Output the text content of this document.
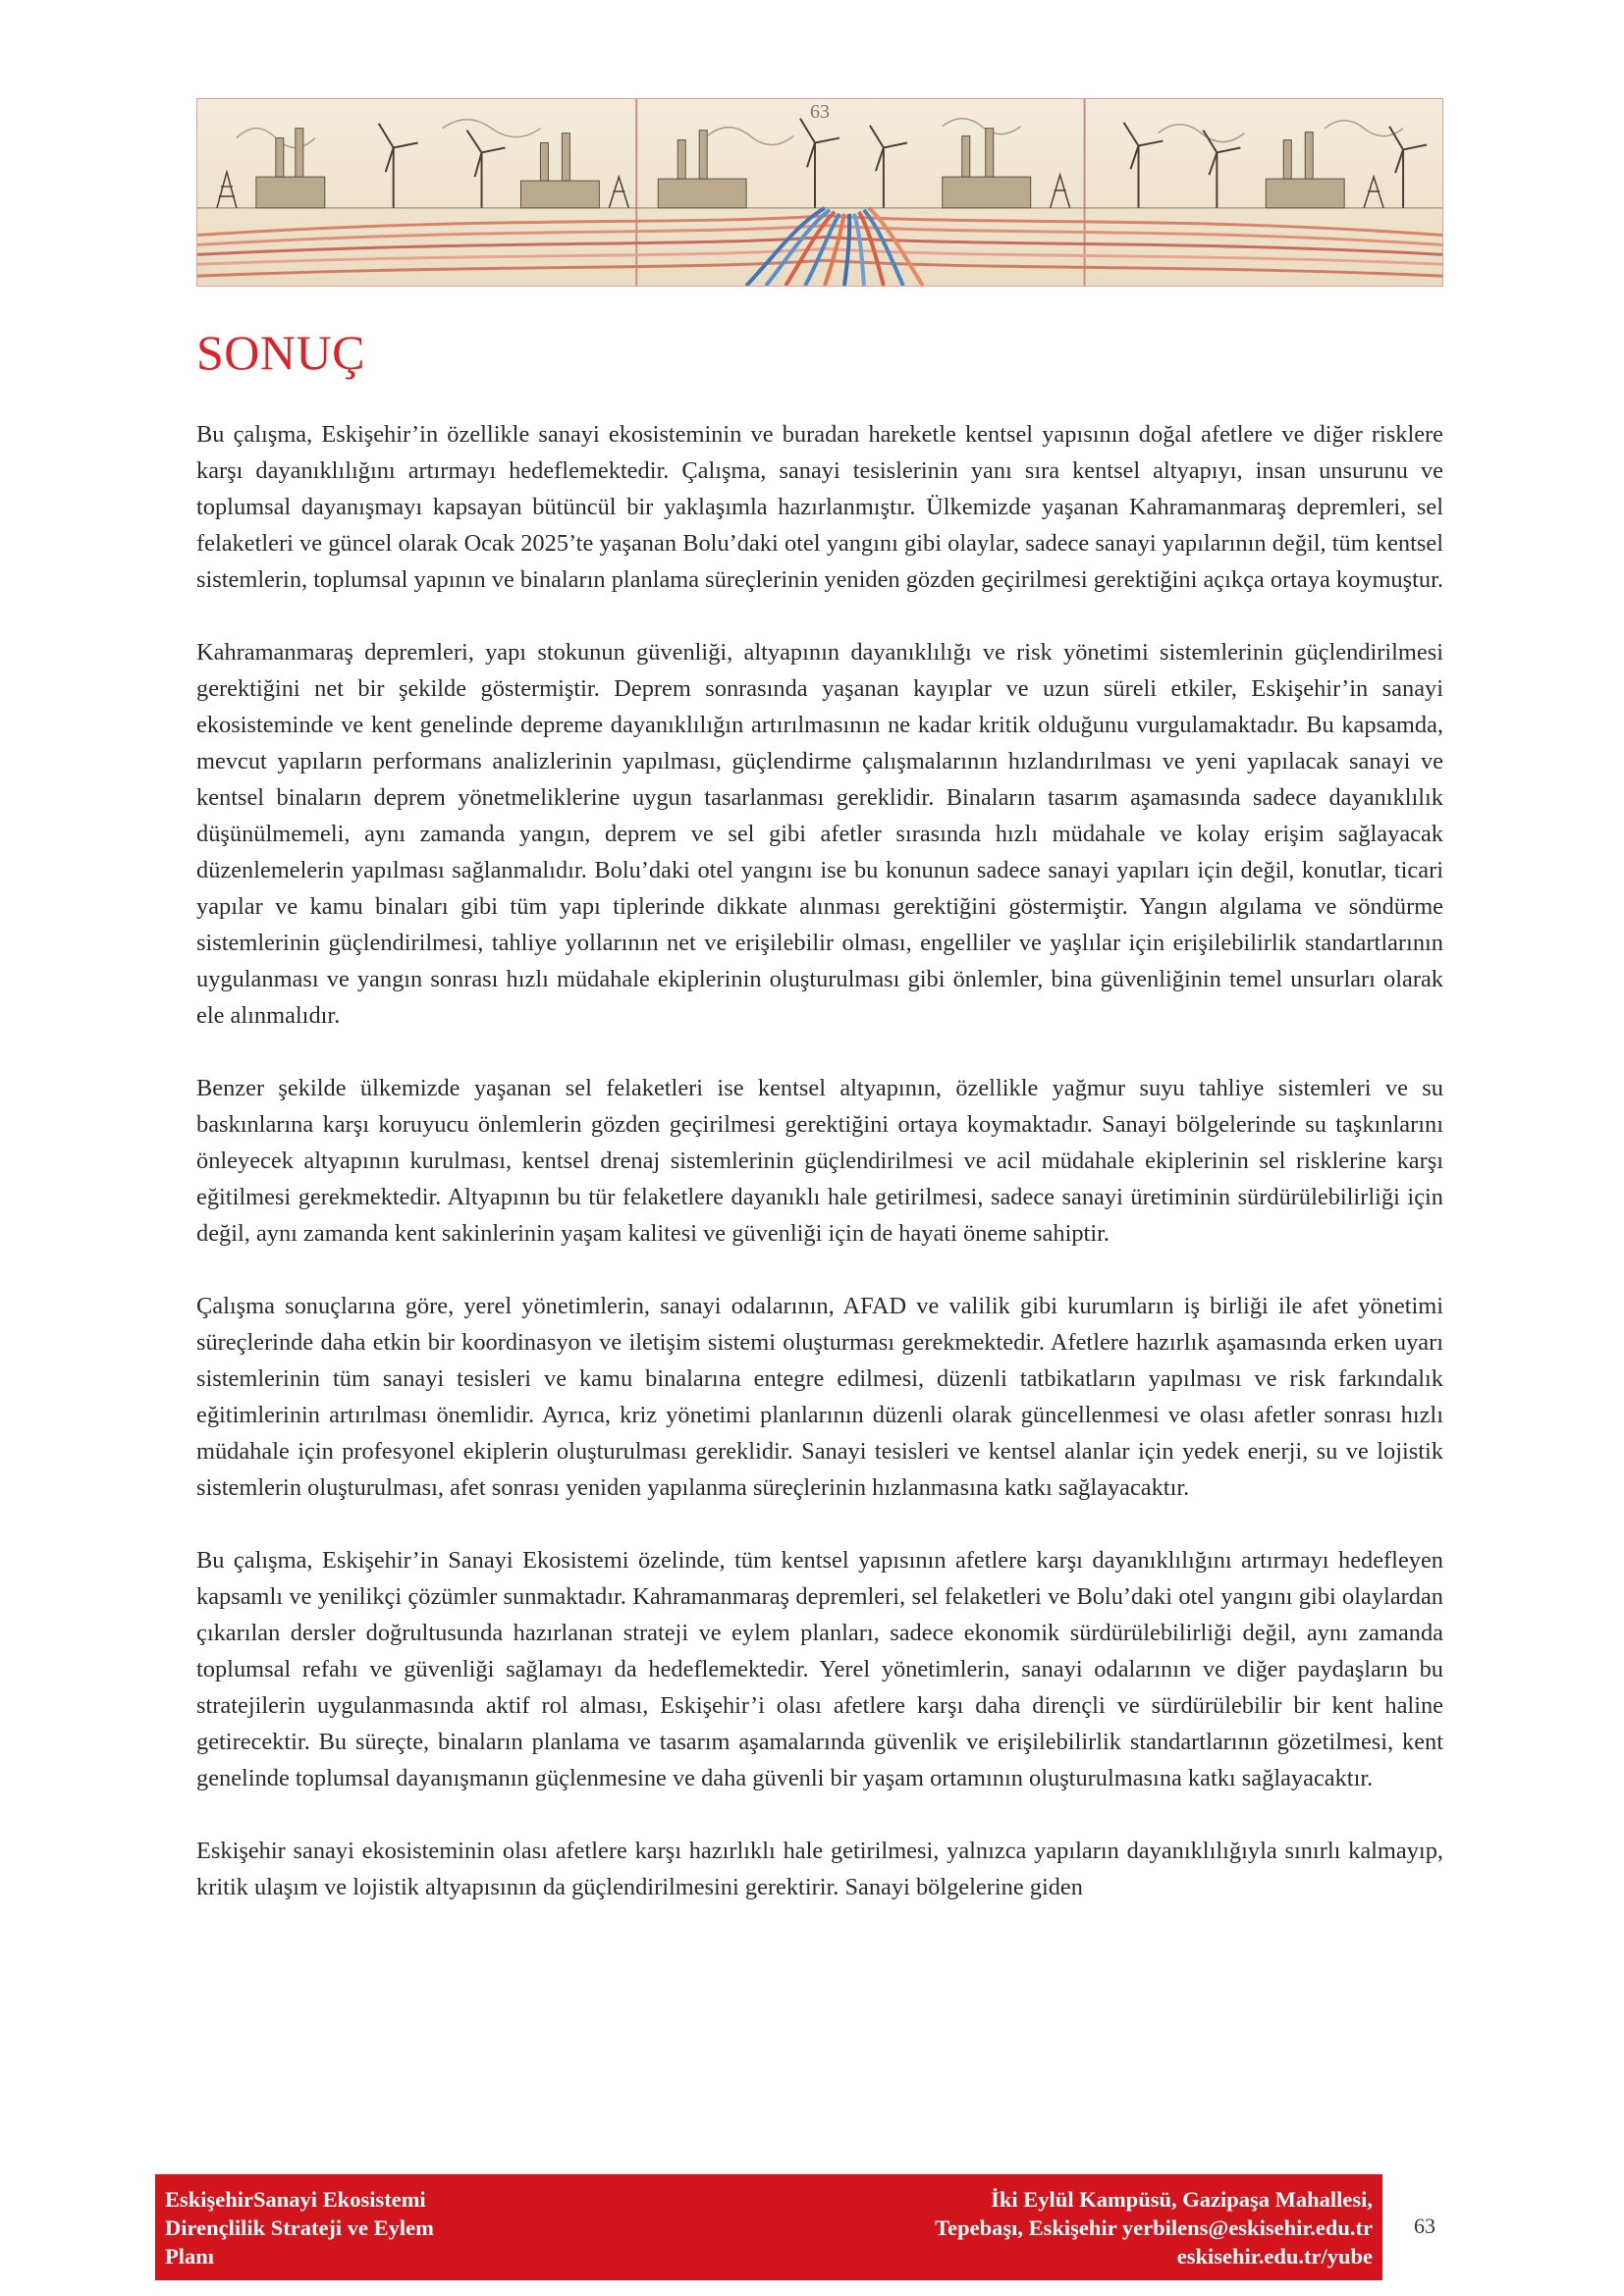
63
SONUÇ

Bu çalışma, Eskişehir’in özellikle sanayi ekosisteminin ve buradan hareketle kentsel yapısının doğal afetlere ve diğer risklere karşı dayanıklılığını artırmayı hedeflemektedir. Çalışma, sanayi tesislerinin yanı sıra kentsel altyapıyı, insan unsurunu ve toplumsal dayanışmayı kapsayan bütüncül bir yaklaşımla hazırlanmıştır. Ülkemizde yaşanan Kahramanmaraş depremleri, sel felaketleri ve güncel olarak Ocak 2025’te yaşanan Bolu’daki otel yangını gibi olaylar, sadece sanayi yapılarının değil, tüm kentsel sistemlerin, toplumsal yapının ve binaların planlama süreçlerinin yeniden gözden geçirilmesi gerektiğini açıkça ortaya koymuştur.

Kahramanmaraş depremleri, yapı stokunun güvenliği, altyapının dayanıklılığı ve risk yönetimi sistemlerinin güçlendirilmesi gerektiğini net bir şekilde göstermiştir. Deprem sonrasında yaşanan kayıplar ve uzun süreli etkiler, Eskişehir’in sanayi ekosisteminde ve kent genelinde depreme dayanıklılığın artırılmasının ne kadar kritik olduğunu vurgulamaktadır. Bu kapsamda, mevcut yapıların performans analizlerinin yapılması, güçlendirme çalışmalarının hızlandırılması ve yeni yapılacak sanayi ve kentsel binaların deprem yönetmeliklerine uygun tasarlanması gereklidir. Binaların tasarım aşamasında sadece dayanıklılık düşünülmemeli, aynı zamanda yangın, deprem ve sel gibi afetler sırasında hızlı müdahale ve kolay erişim sağlayacak düzenlemelerin yapılması sağlanmalıdır. Bolu’daki otel yangını ise bu konunun sadece sanayi yapıları için değil, konutlar, ticari yapılar ve kamu binaları gibi tüm yapı tiplerinde dikkate alınması gerektiğini göstermiştir. Yangın algılama ve söndürme sistemlerinin güçlendirilmesi, tahliye yollarının net ve erişilebilir olması, engelliler ve yaşlılar için erişilebilirlik standartlarının uygulanması ve yangın sonrası hızlı müdahale ekiplerinin oluşturulması gibi önlemler, bina güvenliğinin temel unsurları olarak ele alınmalıdır.

Benzer şekilde ülkemizde yaşanan sel felaketleri ise kentsel altyapının, özellikle yağmur suyu tahliye sistemleri ve su baskınlarına karşı koruyucu önlemlerin gözden geçirilmesi gerektiğini ortaya koymaktadır. Sanayi bölgelerinde su taşkınlarını önleyecek altyapının kurulması, kentsel drenaj sistemlerinin güçlendirilmesi ve acil müdahale ekiplerinin sel risklerine karşı eğitilmesi gerekmektedir. Altyapının bu tür felaketlere dayanıklı hale getirilmesi, sadece sanayi üretiminin sürdürülebilirliği için değil, aynı zamanda kent sakinlerinin yaşam kalitesi ve güvenliği için de hayati öneme sahiptir.

Çalışma sonuçlarına göre, yerel yönetimlerin, sanayi odalarının, AFAD ve valilik gibi kurumların iş birliği ile afet yönetimi süreçlerinde daha etkin bir koordinasyon ve iletişim sistemi oluşturması gerekmektedir. Afetlere hazırlık aşamasında erken uyarı sistemlerinin tüm sanayi tesisleri ve kamu binalarına entegre edilmesi, düzenli tatbikatların yapılması ve risk farkındalık eğitimlerinin artırılması önemlidir. Ayrıca, kriz yönetimi planlarının düzenli olarak güncellenmesi ve olası afetler sonrası hızlı müdahale için profesyonel ekiplerin oluşturulması gereklidir. Sanayi tesisleri ve kentsel alanlar için yedek enerji, su ve lojistik sistemlerin oluşturulması, afet sonrası yeniden yapılanma süreçlerinin hızlanmasına katkı sağlayacaktır.

Bu çalışma, Eskişehir’in Sanayi Ekosistemi özelinde, tüm kentsel yapısının afetlere karşı dayanıklılığını artırmayı hedefleyen kapsamlı ve yenilikçi çözümler sunmaktadır. Kahramanmaraş depremleri, sel felaketleri ve Bolu’daki otel yangını gibi olaylardan çıkarılan dersler doğrultusunda hazırlanan strateji ve eylem planları, sadece ekonomik sürdürülebilirliği değil, aynı zamanda toplumsal refahı ve güvenliği sağlamayı da hedeflemektedir. Yerel yönetimlerin, sanayi odalarının ve diğer paydaşların bu stratejilerin uygulanmasında aktif rol alması, Eskişehir’i olası afetlere karşı daha dirençli ve sürdürülebilir bir kent haline getirecektir. Bu süreçte, binaların planlama ve tasarım aşamalarında güvenlik ve erişilebilirlik standartlarının gözetilmesi, kent genelinde toplumsal dayanışmanın güçlenmesine ve daha güvenli bir yaşam ortamının oluşturulmasına katkı sağlayacaktır.

Eskişehir sanayi ekosisteminin olası afetlere karşı hazırlıklı hale getirilmesi, yalnızca yapıların dayanıklılığıyla sınırlı kalmayıp, kritik ulaşım ve lojistik altyapısının da güçlendirilmesini gerektirir. Sanayi bölgelerine giden

EskişehirSanayi Ekosistemi
Dirençlilik Strateji ve Eylem
Planı
İki Eylül Kampüsü, Gazipaşa Mahallesi,
Tepebaşı, Eskişehir yerbilens@eskisehir.edu.tr
eskisehir.edu.tr/yube
63
